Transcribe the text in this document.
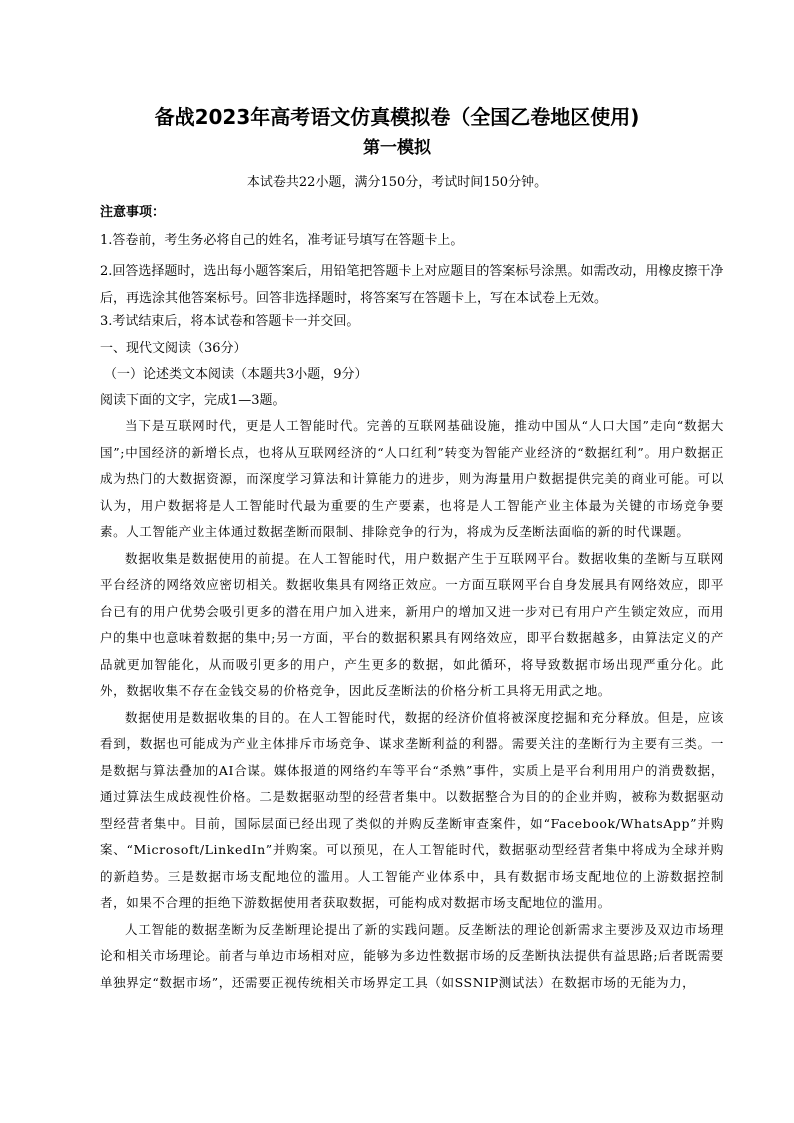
备战2023年高考语文仿真模拟卷（全国乙卷地区使用)
第一模拟
本试卷共22小题，满分150分，考试时间150分钟。
注意事项：
1.答卷前，考生务必将自己的姓名，准考证号填写在答题卡上。
2.回答选择题时，选出每小题答案后，用铅笔把答题卡上对应题目的答案标号涂黑。如需改动，用橡皮擦干净后，再选涂其他答案标号。回答非选择题时，将答案写在答题卡上，写在本试卷上无效。
3.考试结束后，将本试卷和答题卡一并交回。
一、现代文阅读（36分）
（一）论述类文本阅读（本题共3小题，9分）
阅读下面的文字，完成1—3题。

当下是互联网时代，更是人工智能时代。完善的互联网基础设施，推动中国从“人口大国”走向“数据大国”;中国经济的新增长点，也将从互联网经济的“人口红利”转变为智能产业经济的“数据红利”。用户数据正成为热门的大数据资源，而深度学习算法和计算能力的进步，则为海量用户数据提供完美的商业可能。可以认为，用户数据将是人工智能时代最为重要的生产要素，也将是人工智能产业主体最为关键的市场竞争要素。人工智能产业主体通过数据垄断而限制、排除竞争的行为，将成为反垄断法面临的新的时代课题。

数据收集是数据使用的前提。在人工智能时代，用户数据产生于互联网平台。数据收集的垄断与互联网平台经济的网络效应密切相关。数据收集具有网络正效应。一方面互联网平台自身发展具有网络效应，即平台已有的用户优势会吸引更多的潜在用户加入进来，新用户的增加又进一步对已有用户产生锁定效应，而用户的集中也意味着数据的集中;另一方面，平台的数据积累具有网络效应，即平台数据越多，由算法定义的产品就更加智能化，从而吸引更多的用户，产生更多的数据，如此循环，将导致数据市场出现严重分化。此外，数据收集不存在金钱交易的价格竞争，因此反垄断法的价格分析工具将无用武之地。

数据使用是数据收集的目的。在人工智能时代，数据的经济价值将被深度挖掘和充分释放。但是，应该看到，数据也可能成为产业主体排斥市场竞争、谋求垄断利益的利器。需要关注的垄断行为主要有三类。一是数据与算法叠加的AI合谋。媒体报道的网络约车等平台“杀熟”事件，实质上是平台利用用户的消费数据，通过算法生成歧视性价格。二是数据驱动型的经营者集中。以数据整合为目的的企业并购，被称为数据驱动型经营者集中。目前，国际层面已经出现了类似的并购反垄断审查案件，如“Facebook/WhatsApp”并购案、“Microsoft/LinkedIn”并购案。可以预见，在人工智能时代，数据驱动型经营者集中将成为全球并购的新趋势。三是数据市场支配地位的滥用。人工智能产业体系中，具有数据市场支配地位的上游数据控制者，如果不合理的拒绝下游数据使用者获取数据，可能构成对数据市场支配地位的滥用。

人工智能的数据垄断为反垄断理论提出了新的实践问题。反垄断法的理论创新需求主要涉及双边市场理论和相关市场理论。前者与单边市场相对应，能够为多边性数据市场的反垄断执法提供有益思路;后者既需要单独界定“数据市场”，还需要正视传统相关市场界定工具（如SSNIP测试法）在数据市场的无能为力，
